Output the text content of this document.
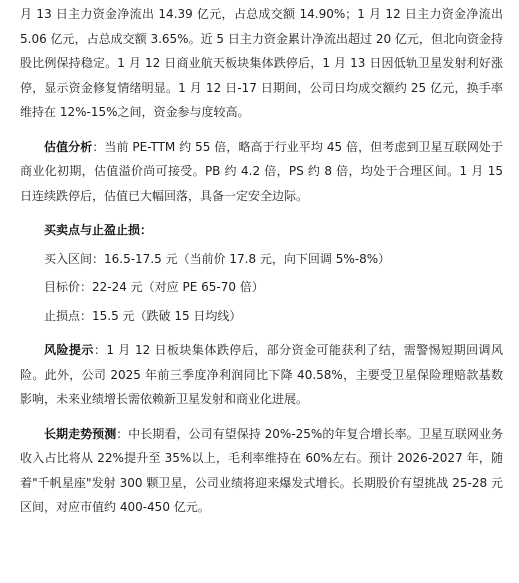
月 13 日主力资金净流出 14.39 亿元，占总成交额 14.90%；1 月 12 日主力资金净流出 5.06 亿元，占总成交额 3.65%。近 5 日主力资金累计净流出超过 20 亿元，但北向资金持股比例保持稳定。1 月 12 日商业航天板块集体跌停后，1 月 13 日因低轨卫星发射利好涨停，显示资金修复情绪明显。1 月 12 日-17 日期间，公司日均成交额约 25 亿元，换手率维持在 12%-15%之间，资金参与度较高。

估值分析：当前 PE-TTM 约 55 倍，略高于行业平均 45 倍，但考虑到卫星互联网处于商业化初期，估值溢价尚可接受。PB 约 4.2 倍，PS 约 8 倍，均处于合理区间。1 月 15 日连续跌停后，估值已大幅回落，具备一定安全边际。

买卖点与止盈止损：

买入区间：16.5-17.5 元（当前价 17.8 元，向下回调 5%-8%）

目标价：22-24 元（对应 PE 65-70 倍）

止损点：15.5 元（跌破 15 日均线）

风险提示：1 月 12 日板块集体跌停后，部分资金可能获利了结，需警惕短期回调风险。此外，公司 2025 年前三季度净利润同比下降 40.58%，主要受卫星保险理赔款基数影响，未来业绩增长需依赖新卫星发射和商业化进展。

长期走势预测：中长期看，公司有望保持 20%-25%的年复合增长率。卫星互联网业务收入占比将从 22%提升至 35%以上，毛利率维持在 60%左右。预计 2026-2027 年，随着"千帆星座"发射 300 颗卫星，公司业绩将迎来爆发式增长。长期股价有望挑战 25-28 元区间，对应市值约 400-450 亿元。
